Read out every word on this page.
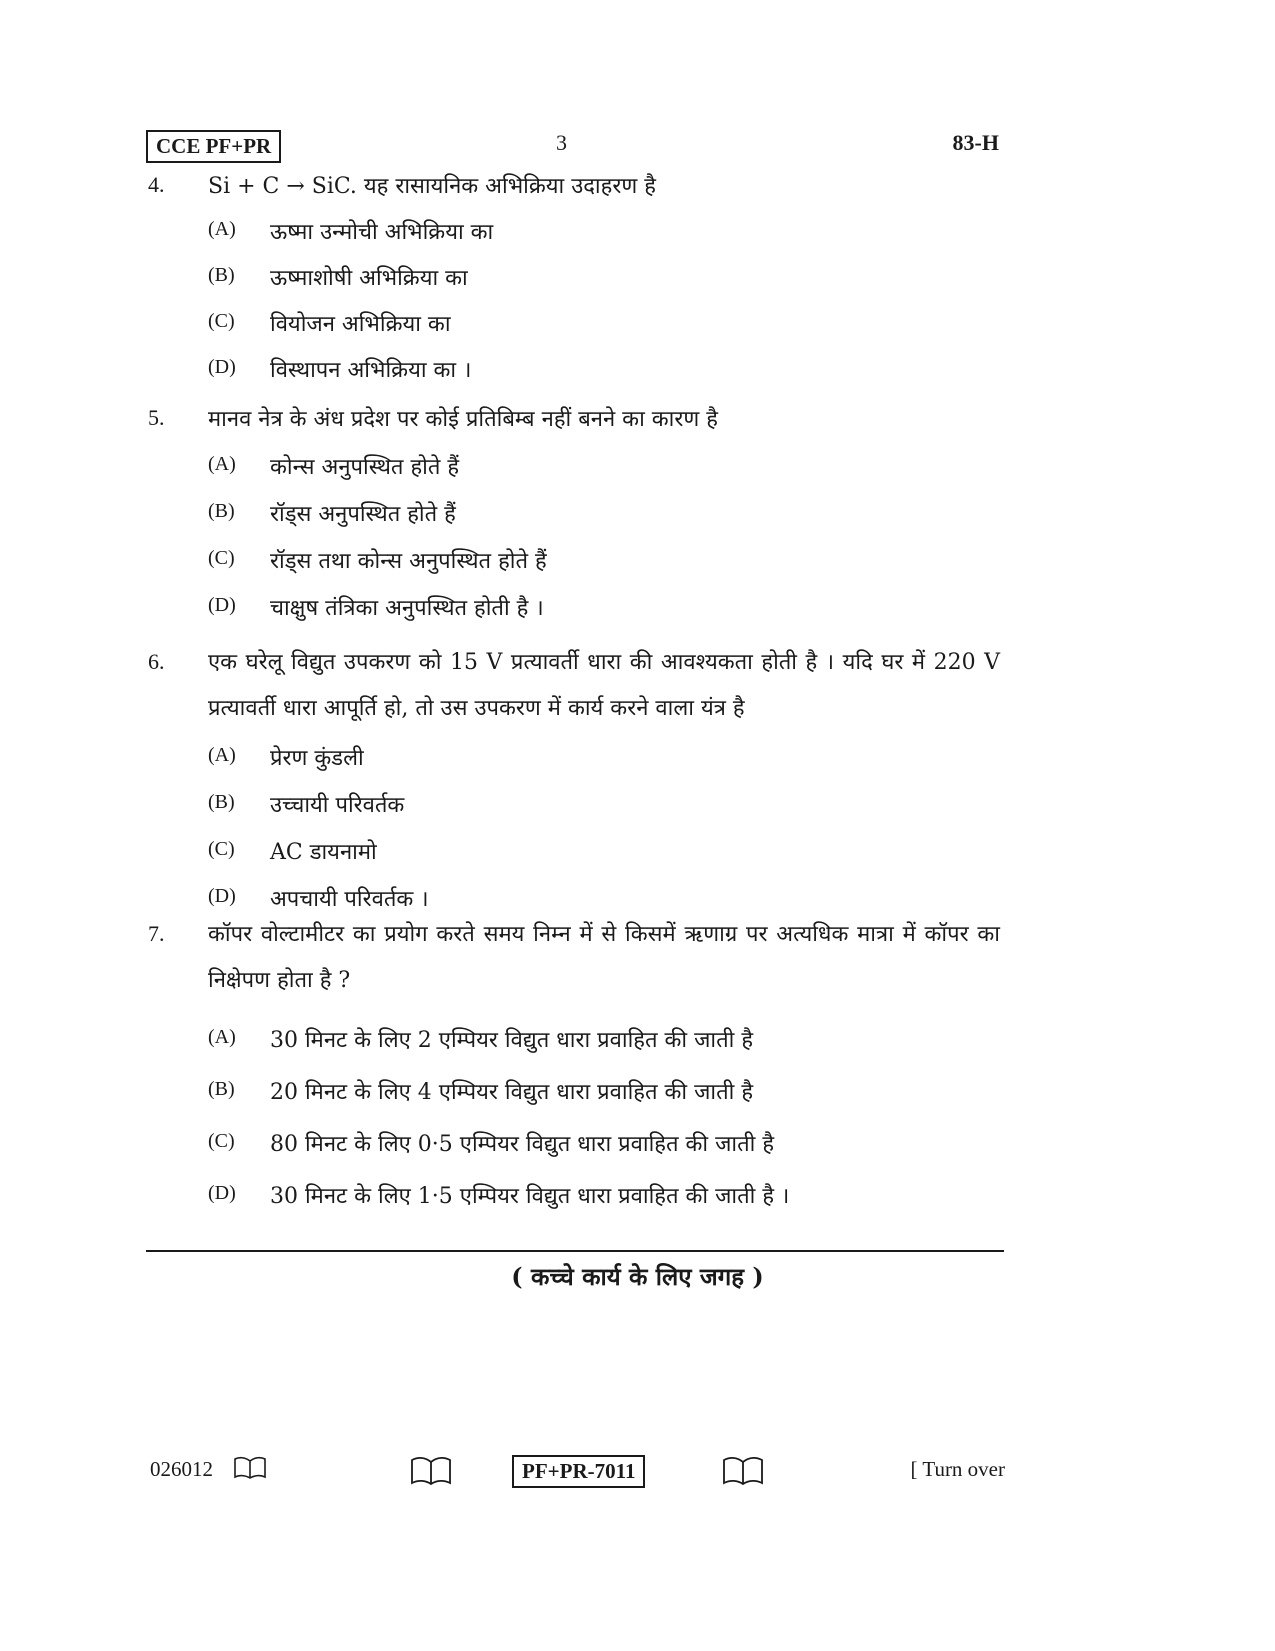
CCE PF+PR	3	83-H
4. Si + C → SiC. यह रासायनिक अभिक्रिया उदाहरण है
(A) ऊष्मा उन्मोची अभिक्रिया का
(B) ऊष्माशोषी अभिक्रिया का
(C) वियोजन अभिक्रिया का
(D) विस्थापन अभिक्रिया का ।
5. मानव नेत्र के अंध प्रदेश पर कोई प्रतिबिम्ब नहीं बनने का कारण है
(A) कोन्स अनुपस्थित होते हैं
(B) रॉड्स अनुपस्थित होते हैं
(C) रॉड्स तथा कोन्स अनुपस्थित होते हैं
(D) चाक्षुष तंत्रिका अनुपस्थित होती है ।
6. एक घरेलू विद्युत उपकरण को 15 V प्रत्यावर्ती धारा की आवश्यकता होती है । यदि घर में 220 V प्रत्यावर्ती धारा आपूर्ति हो, तो उस उपकरण में कार्य करने वाला यंत्र है
(A) प्रेरण कुंडली
(B) उच्चायी परिवर्तक
(C) AC डायनामो
(D) अपचायी परिवर्तक ।
7. कॉपर वोल्टामीटर का प्रयोग करते समय निम्न में से किसमें ऋणाग्र पर अत्यधिक मात्रा में कॉपर का निक्षेपण होता है ?
(A) 30 मिनट के लिए 2 एम्पियर विद्युत धारा प्रवाहित की जाती है
(B) 20 मिनट के लिए 4 एम्पियर विद्युत धारा प्रवाहित की जाती है
(C) 80 मिनट के लिए 0·5 एम्पियर विद्युत धारा प्रवाहित की जाती है
(D) 30 मिनट के लिए 1·5 एम्पियर विद्युत धारा प्रवाहित की जाती है ।
( कच्चे कार्य के लिए जगह )
026012	PF+PR-7011	[ Turn over
